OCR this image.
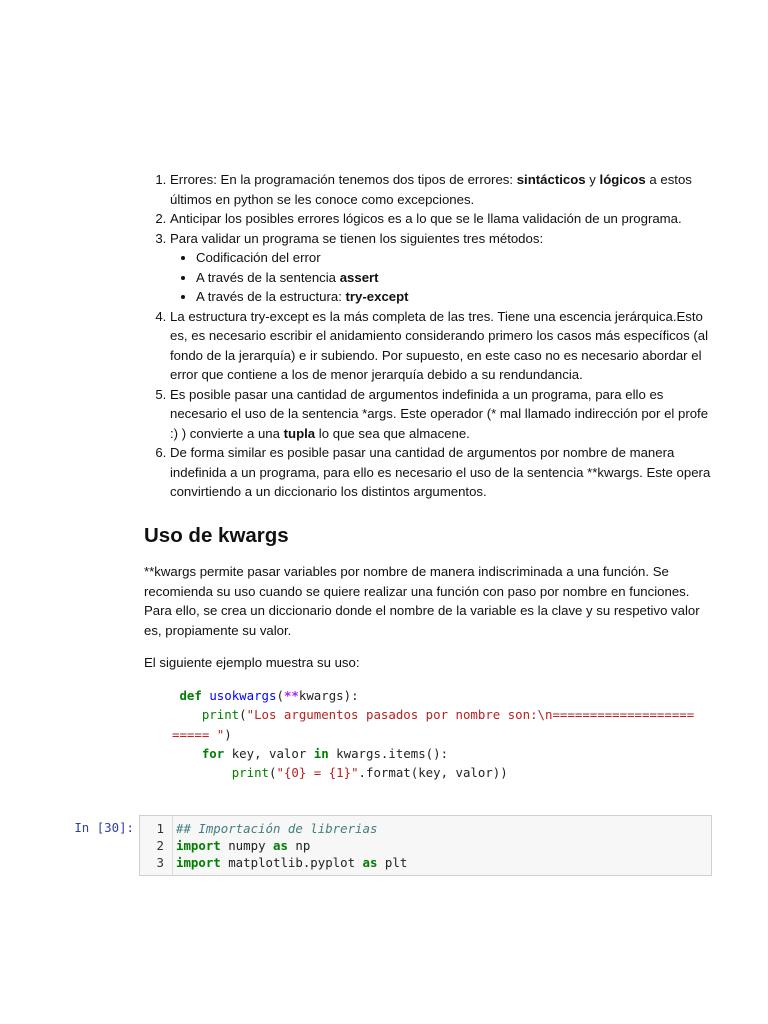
1. Errores: En la programación tenemos dos tipos de errores: sintácticos y lógicos a estos últimos en python se les conoce como excepciones.
2. Anticipar los posibles errores lógicos es a lo que se le llama validación de un programa.
3. Para validar un programa se tienen los siguientes tres métodos:
• Codificación del error
• A través de la sentencia assert
• A través de la estructura: try-except
4. La estructura try-except es la más completa de las tres. Tiene una escencia jerárquica.Esto es, es necesario escribir el anidamiento considerando primero los casos más específicos (al fondo de la jerarquía) e ir subiendo. Por supuesto, en este caso no es necesario abordar el error que contiene a los de menor jerarquía debido a su rendundancia.
5. Es posible pasar una cantidad de argumentos indefinida a un programa, para ello es necesario el uso de la sentencia *args. Este operador (* mal llamado indirección por el profe :) ) convierte a una tupla lo que sea que almacene.
6. De forma similar es posible pasar una cantidad de argumentos por nombre de manera indefinida a un programa, para ello es necesario el uso de la sentencia **kwargs. Este opera convirtiendo a un diccionario los distintos argumentos.
Uso de kwargs

**kwargs permite pasar variables por nombre de manera indiscriminada a una función. Se recomienda su uso cuando se quiere realizar una función con paso por nombre en funciones. Para ello, se crea un diccionario donde el nombre de la variable es la clave y su respetivo valor es, propiamente su valor.

El siguiente ejemplo muestra su uso:

def usokwargs(**kwargs):
print("Los argumentos pasados por nombre son:\n===================
===== ")
for key, valor in kwargs.items():
print("{0} = {1}".format(key, valor))
In [30]: 1
2
3
## Importación de librerias
import numpy as np
import matplotlib.pyplot as plt
